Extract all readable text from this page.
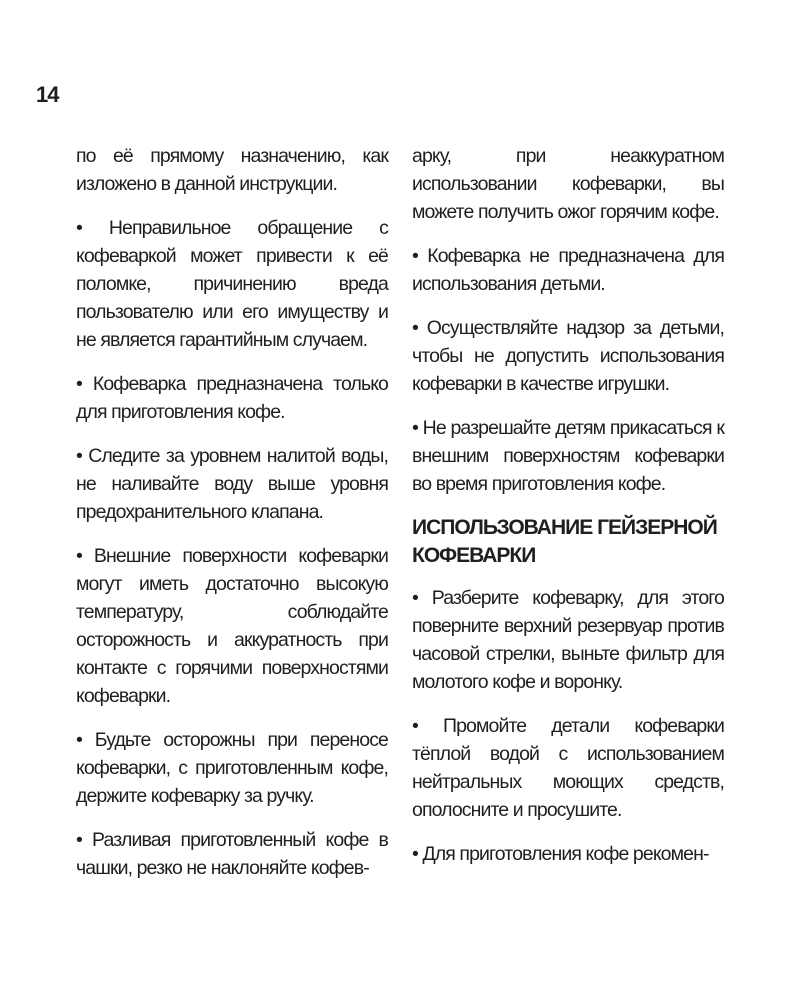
14

по её прямому назначению, как изложено в данной инструкции.

• Неправильное обращение с кофеваркой может привести к её поломке, причинению вреда пользователю или его имуществу и не является гарантийным случаем.

• Кофеварка предназначена только для приготовления кофе.

• Следите за уровнем налитой воды, не наливайте воду выше уровня предохранительного клапана.

• Внешние поверхности кофеварки могут иметь достаточно высокую температуру, соблюдайте осторожность и аккуратность при контакте с горячими поверхностями кофеварки.

• Будьте осторожны при переносе кофеварки, с приготовленным кофе, держите кофеварку за ручку.

• Разливая приготовленный кофе в чашки, резко не наклоняйте кофев-

арку, при неаккуратном использовании кофеварки, вы можете получить ожог горячим кофе.

• Кофеварка не предназначена для использования детьми.

• Осуществляйте надзор за детьми, чтобы не допустить использования кофеварки в качестве игрушки.

• Не разрешайте детям прикасаться к внешним поверхностям кофеварки во время приготовления кофе.

ИСПОЛЬЗОВАНИЕ ГЕЙЗЕРНОЙ КОФЕВАРКИ

• Разберите кофеварку, для этого поверните верхний резервуар против часовой стрелки, выньте фильтр для молотого кофе и воронку.

• Промойте детали кофеварки тёплой водой с использованием нейтральных моющих средств, ополосните и просушите.

• Для приготовления кофе рекомен-
